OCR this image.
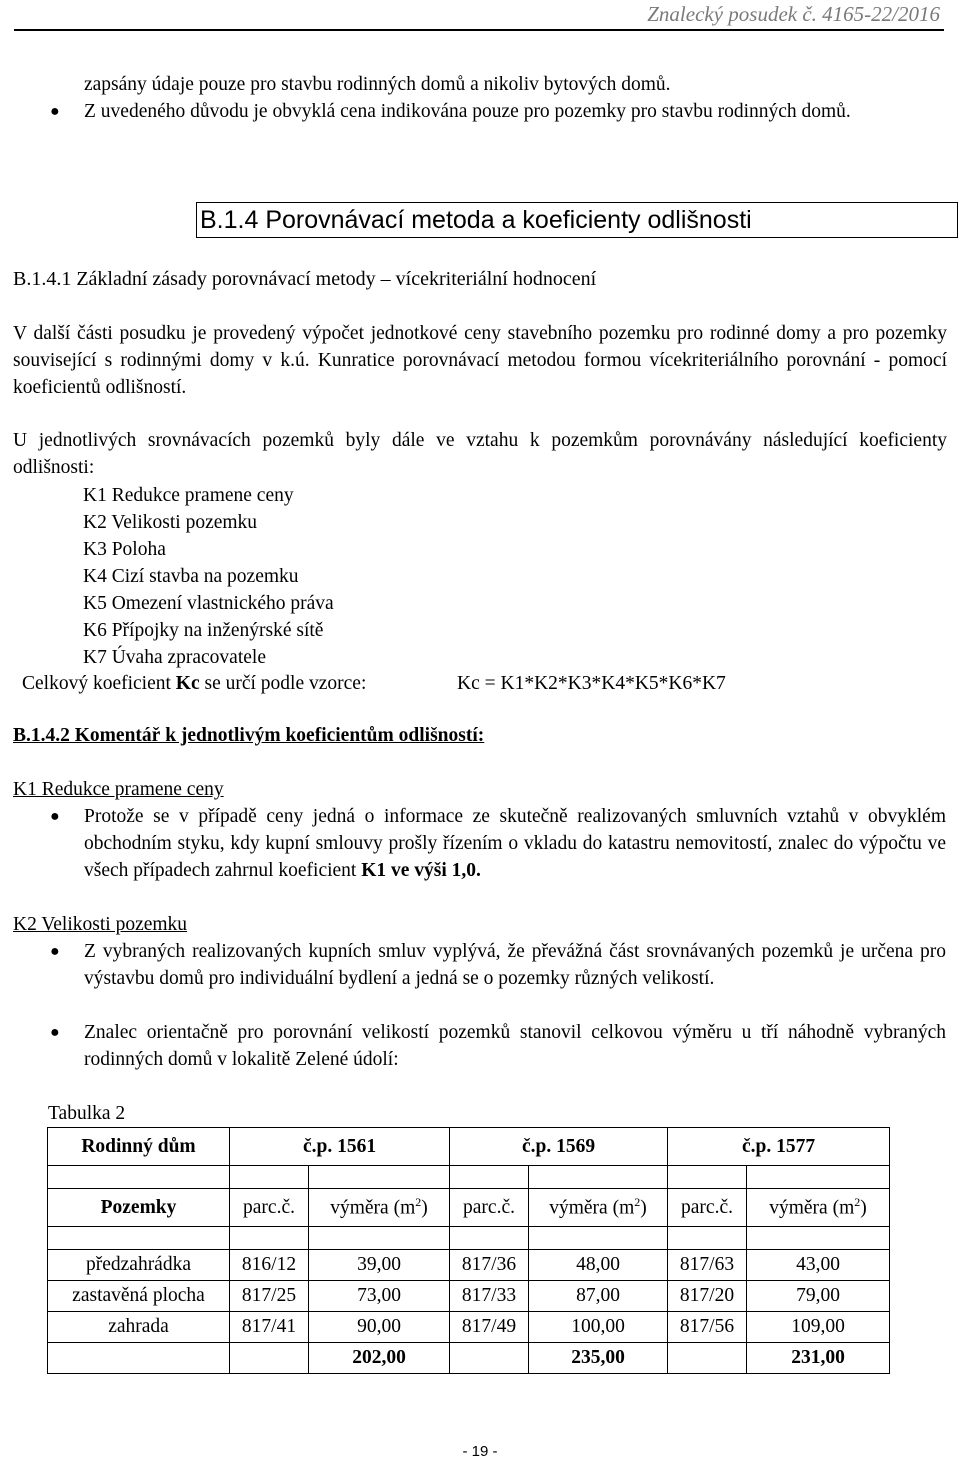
Znalecký posudek č. 4165-22/2016
zapsány údaje pouze pro stavbu rodinných domů a nikoliv bytových domů.
● Z uvedeného důvodu je obvyklá cena indikována pouze pro pozemky pro stavbu rodinných domů.
B.1.4 Porovnávací metoda a koeficienty odlišnosti
B.1.4.1 Základní zásady porovnávací metody – vícekriteriální hodnocení
V další části posudku je provedený výpočet jednotkové ceny stavebního pozemku pro rodinné domy a pro pozemky související s rodinnými domy v k.ú. Kunratice porovnávací metodou formou vícekriteriálního porovnání - pomocí koeficientů odlišností.
U jednotlivých srovnávacích pozemků byly dále ve vztahu k pozemkům porovnávány následující koeficienty odlišnosti:
K1 Redukce pramene ceny
K2 Velikosti pozemku
K3 Poloha
K4 Cizí stavba na pozemku
K5 Omezení vlastnického práva
K6 Přípojky na inženýrské sítě
K7 Úvaha zpracovatele
Celkový koeficient Kc se určí podle vzorce:	Kc = K1*K2*K3*K4*K5*K6*K7
B.1.4.2 Komentář k jednotlivým koeficientům odlišností:
K1 Redukce pramene ceny
● Protože se v případě ceny jedná o informace ze skutečně realizovaných smluvních vztahů v obvyklém obchodním styku, kdy kupní smlouvy prošly řízením o vkladu do katastru nemovitostí, znalec do výpočtu ve všech případech zahrnul koeficient K1 ve výši 1,0.
K2 Velikosti pozemku
● Z vybraných realizovaných kupních smluv vyplývá, že převážná část srovnávaných pozemků je určena pro výstavbu domů pro individuální bydlení a jedná se o pozemky různých velikostí.
● Znalec orientačně pro porovnání velikostí pozemků stanovil celkovou výměru u tří náhodně vybraných rodinných domů v lokalitě Zelené údolí:
Tabulka 2
Rodinný dům	č.p. 1561		č.p. 1569		č.p. 1577	

Pozemky	parc.č.	výměra $(m^2)$	parc.č.	výměra $(m^2)$	parc.č.	výměra $(m^2)$

předzahrádka	816/12	39,00	817/36	48,00	817/63	43,00
zastavěná plocha	817/25	73,00	817/33	87,00	817/20	79,00
zahrada	817/41	90,00	817/49	100,00	817/56	109,00
		202,00		235,00		231,00
- 19 -
